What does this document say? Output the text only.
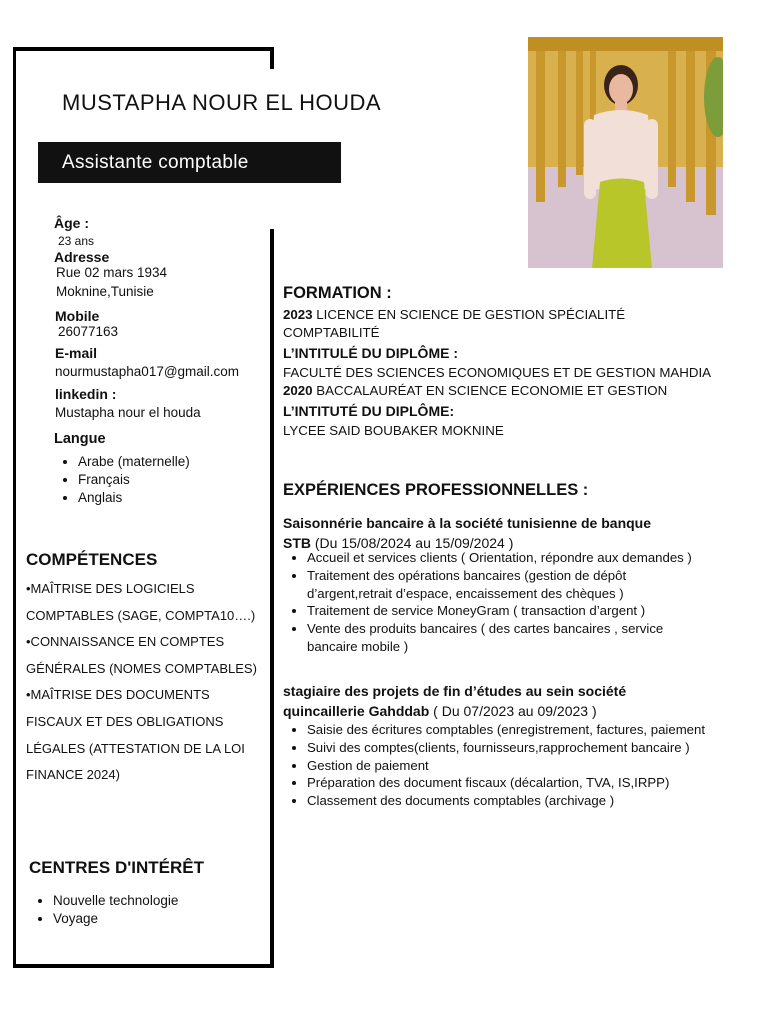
MUSTAPHA NOUR EL HOUDA
Assistante comptable
Âge :
23 ans
Adresse
Rue 02 mars 1934
Moknine,Tunisie
Mobile
26077163
E-mail
nourmustapha017@gmail.com
linkedin :
Mustapha nour el houda
Langue
• Arabe (maternelle)
• Français
• Anglais
COMPÉTENCES
•MAÎTRISE DES LOGICIELS COMPTABLES (SAGE, COMPTA10….)
•CONNAISSANCE EN COMPTES GÉNÉRALES (NOMES COMPTABLES)
•MAÎTRISE DES DOCUMENTS FISCAUX ET DES OBLIGATIONS LÉGALES (ATTESTATION DE LA LOI FINANCE 2024)
CENTRES D'INTÉRÊT
• Nouvelle technologie
• Voyage
FORMATION :
2023 LICENCE EN SCIENCE DE GESTION SPÉCIALITÉ
COMPTABILITÉ
L’INTITULÉ DU DIPLÔME :
FACULTÉ DES SCIENCES ECONOMIQUES ET DE GESTION MAHDIA
2020 BACCALAURÉAT EN SCIENCE ECONOMIE ET GESTION
L’INTITUTÉ DU DIPLÔME:
LYCEE SAID BOUBAKER MOKNINE
EXPÉRIENCES PROFESSIONNELLES :
Saisonnérie bancaire à la société tunisienne de banque
STB (Du 15/08/2024 au 15/09/2024 )
• Accueil et services clients ( Orientation, répondre aux demandes )
• Traitement des opérations bancaires (gestion de dépôt d’argent,retrait d’espace, encaissement des chèques )
• Traitement de service MoneyGram ( transaction d’argent )
• Vente des produits bancaires ( des cartes bancaires , service bancaire mobile )
stagiaire des projets de fin d’études au sein société
quincaillerie Gahddab ( Du 07/2023 au 09/2023 )
• Saisie des écritures comptables (enregistrement, factures, paiement
• Suivi des comptes(clients, fournisseurs,rapprochement bancaire )
• Gestion de paiement
• Préparation des document fiscaux (décalartion, TVA, IS,IRPP)
• Classement des documents comptables (archivage )
